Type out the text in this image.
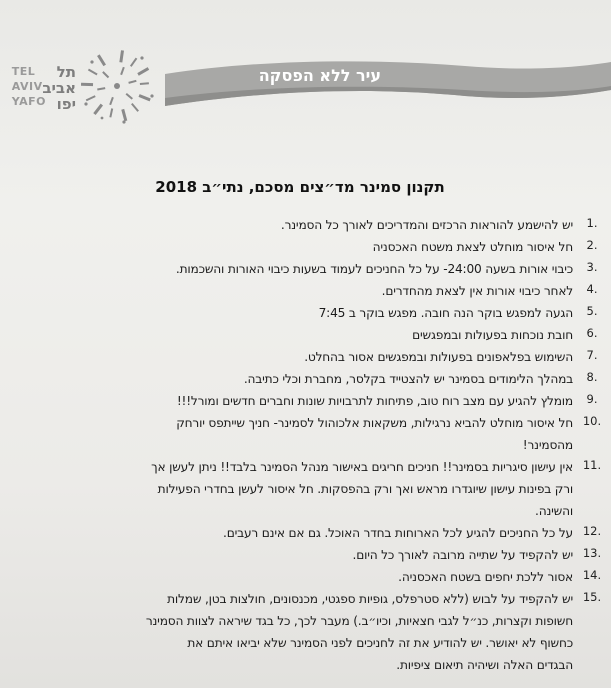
תל
אביב
יפו
TEL
AVIV
YAFO
עיר ללא הפסקה
תקנון סמינר מד״צים מסכם, נתי״ב 2018
1.
יש להישמע להוראות הרכזים והמדריכים לאורך כל הסמינר.
2.
חל איסור מוחלט לצאת משטח האכסניה
3.
כיבוי אורות בשעה 24:00- על כל החניכים לעמוד בשעות כיבוי האורות והשכמות.
4.
לאחר כיבוי אורות אין לצאת מהחדרים.
5.
הגעה למפגש בוקר הנה חובה. מפגש בוקר ב 7:45
6.
חובת נוכחות בפעולות ובמפגשים
7.
השימוש בפלאפונים בפעולות ובמפגשים אסור בהחלט.
8.
במהלך הלימודים בסמינר יש להצטייד בקלסר, מחברת וכלי כתיבה.
9.
מומלץ להגיע עם מצב רוח טוב, פתיחות לתרבויות שונות וחברים חדשים ומורל!!!
10.
חל איסור מוחלט להביא נרגילות, משקאות אלכוהול לסמינר- חניך שייתפס יורחק
מהסמינר!
11.
אין עישון סיגריות בסמינר!! חניכים חריגים באישור מנהל הסמינר בלבד!! ניתן לעשן אך
ורק בפינות עישון שיוגדרו מראש ואך ורק בהפסקות. חל איסור לעשן בחדרי הפעילות
והשינה.
12.
על כל החניכים להגיע לכל הארוחות בחדר האוכל. גם אם אינם רעבים.
13.
יש להקפיד על שתייה מרובה לאורך כל היום.
14.
אסור ללכת יחפים בשטח האכסניה.
15.
יש להקפיד על לבוש (ללא סטרפלס, גופיות ספגטי, מכנסונים, חולצות בטן, שמלות
חשופות וקצרות, כנ״ל לגבי חצאיות, וכיו״ב.) מעבר לכך, כל בגד שיראה לצוות הסמינר
כחשוף לא יאושר. יש להודיע את זה לחניכים לפני הסמינר שלא יביאו איתם את
הבגדים האלה ושיהיה תיאום ציפיות.
